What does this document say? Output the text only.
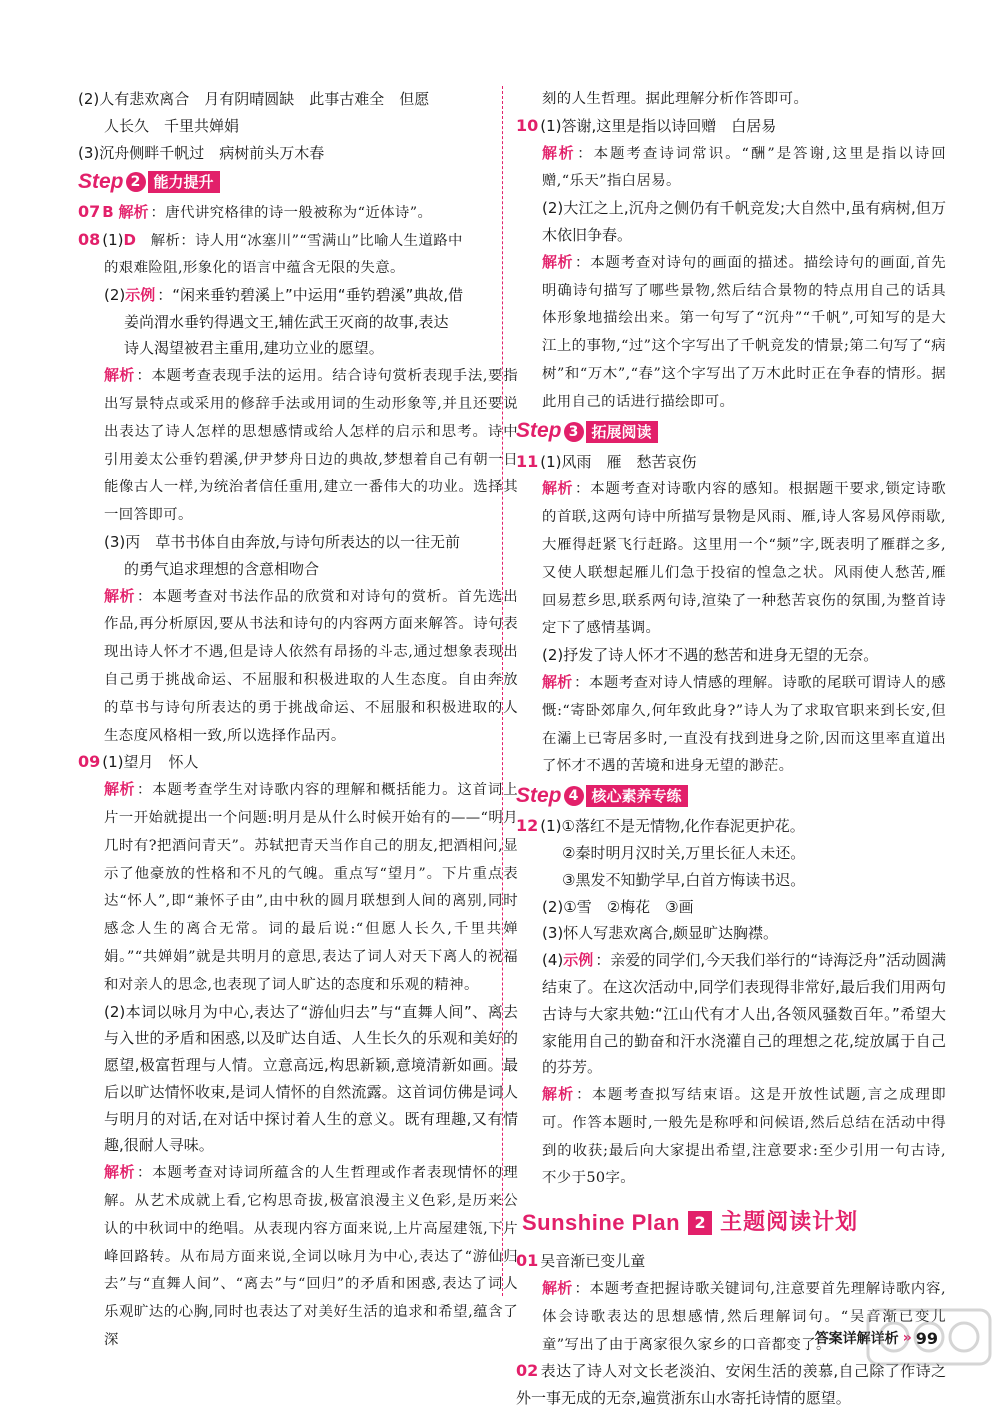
(2)人有悲欢离合　月有阴晴圆缺　此事古难全　但愿

人长久　千里共婵娟

(3)沉舟侧畔千帆过　病树前头万木春

Step 2 能力提升

07 B 解析 ：唐代讲究格律的诗一般被称为“近体诗”。

08 (1)D　解析：诗人用“冰塞川”“雪满山”比喻人生道路中

的艰难险阻,形象化的语言中蕴含无限的失意。

(2)示例 ：“闲来垂钓碧溪上”中运用“垂钓碧溪”典故,借

姜尚渭水垂钓得遇文王,辅佐武王灭商的故事,表达

诗人渴望被君主重用,建功立业的愿望。

解析 ：本题考查表现手法的运用。结合诗句赏析表现手法,要指出写景特点或采用的修辞手法或用词的生动形象等,并且还要说出表达了诗人怎样的思想感情或给人怎样的启示和思考。诗中引用姜太公垂钓碧溪,伊尹梦舟日边的典故,梦想着自己有朝一日能像古人一样,为统治者信任重用,建立一番伟大的功业。选择其一回答即可。

(3)丙　草书书体自由奔放,与诗句所表达的以一往无前

的勇气追求理想的含意相吻合

解析 ：本题考查对书法作品的欣赏和对诗句的赏析。首先选出作品,再分析原因,要从书法和诗句的内容两方面来解答。诗句表现出诗人怀才不遇,但是诗人依然有昂扬的斗志,通过想象表现出自己勇于挑战命运、不屈服和积极进取的人生态度。自由奔放的草书与诗句所表达的勇于挑战命运、不屈服和积极进取的人生态度风格相一致,所以选择作品丙。

09 (1)望月　怀人

解析 ：本题考查学生对诗歌内容的理解和概括能力。这首词上片一开始就提出一个问题:明月是从什么时候开始有的——“明月几时有?把酒问青天”。苏轼把青天当作自己的朋友,把酒相问,显示了他豪放的性格和不凡的气魄。重点写“望月”。下片重点表达“怀人”,即“兼怀子由”,由中秋的圆月联想到人间的离别,同时感念人生的离合无常。词的最后说:“但愿人长久,千里共婵娟。”“共婵娟”就是共明月的意思,表达了词人对天下离人的祝福和对亲人的思念,也表现了词人旷达的态度和乐观的精神。

(2)本词以咏月为中心,表达了“游仙归去”与“直舞人间”、离去与入世的矛盾和困惑,以及旷达自适、人生长久的乐观和美好的愿望,极富哲理与人情。立意高远,构思新颖,意境清新如画。最后以旷达情怀收束,是词人情怀的自然流露。这首词仿佛是词人与明月的对话,在对话中探讨着人生的意义。既有理趣,又有情趣,很耐人寻味。

解析 ：本题考查对诗词所蕴含的人生哲理或作者表现情怀的理解。从艺术成就上看,它构思奇拔,极富浪漫主义色彩,是历来公认的中秋词中的绝唱。从表现内容方面来说,上片高屋建瓴,下片峰回路转。从布局方面来说,全词以咏月为中心,表达了“游仙归去”与“直舞人间”、“离去”与“回归”的矛盾和困惑,表达了词人乐观旷达的心胸,同时也表达了对美好生活的追求和希望,蕴含了深

刻的人生哲理。据此理解分析作答即可。

10 (1)答谢,这里是指以诗回赠　白居易

解析 ：本题考查诗词常识。“酬”是答谢,这里是指以诗回赠,“乐天”指白居易。

(2)大江之上,沉舟之侧仍有千帆竞发;大自然中,虽有病树,但万木依旧争春。

解析 ：本题考查对诗句的画面的描述。描绘诗句的画面,首先明确诗句描写了哪些景物,然后结合景物的特点用自己的话具体形象地描绘出来。第一句写了“沉舟”“千帆”,可知写的是大江上的事物,“过”这个字写出了千帆竞发的情景;第二句写了“病树”和“万木”,“春”这个字写出了万木此时正在争春的情形。据此用自己的话进行描绘即可。

Step 3 拓展阅读

11 (1)风雨　雁　愁苦哀伤

解析 ：本题考查对诗歌内容的感知。根据题干要求,锁定诗歌的首联,这两句诗中所描写景物是风雨、雁,诗人客易风停雨歇,大雁得赶紧飞行赶路。这里用一个“频”字,既表明了雁群之多,又使人联想起雁儿们急于投宿的惶急之状。风雨使人愁苦,雁回易惹乡思,联系两句诗,渲染了一种愁苦哀伤的氛围,为整首诗定下了感情基调。

(2)抒发了诗人怀才不遇的愁苦和进身无望的无奈。

解析 ：本题考查对诗人情感的理解。诗歌的尾联可谓诗人的感慨:“寄卧郊扉久,何年致此身?”诗人为了求取官职来到长安,但在灞上已寄居多时,一直没有找到进身之阶,因而这里率直道出了怀才不遇的苦境和进身无望的渺茫。

Step 4 核心素养专练

12 (1)①落红不是无情物,化作春泥更护花。

②秦时明月汉时关,万里长征人未还。

③黑发不知勤学早,白首方悔读书迟。

(2)①雪　②梅花　③画

(3)怀人写悲欢离合,颇显旷达胸襟。

(4)示例 ：亲爱的同学们,今天我们举行的“诗海泛舟”活动圆满结束了。在这次活动中,同学们表现得非常好,最后我们用两句古诗与大家共勉:“江山代有才人出,各领风骚数百年。”希望大家能用自己的勤奋和汗水浇灌自己的理想之花,绽放属于自己的芬芳。

解析 ：本题考查拟写结束语。这是开放性试题,言之成理即可。作答本题时,一般先是称呼和问候语,然后总结在活动中得到的收获;最后向大家提出希望,注意要求:至少引用一句古诗,不少于50字。

Sunshine Plan 2 主题阅读计划

01 吴音渐已变儿童

解析 ：本题考查把握诗歌关键词句,注意要首先理解诗歌内容,体会诗歌表达的思想感情,然后理解词句。“吴音渐已变儿童”写出了由于离家很久家乡的口音都变了。

02 表达了诗人对文长老淡泊、安闲生活的羡慕,自己除了作诗之外一事无成的无奈,遍赏浙东山水寄托诗情的愿望。

答案详解详析 » 99
